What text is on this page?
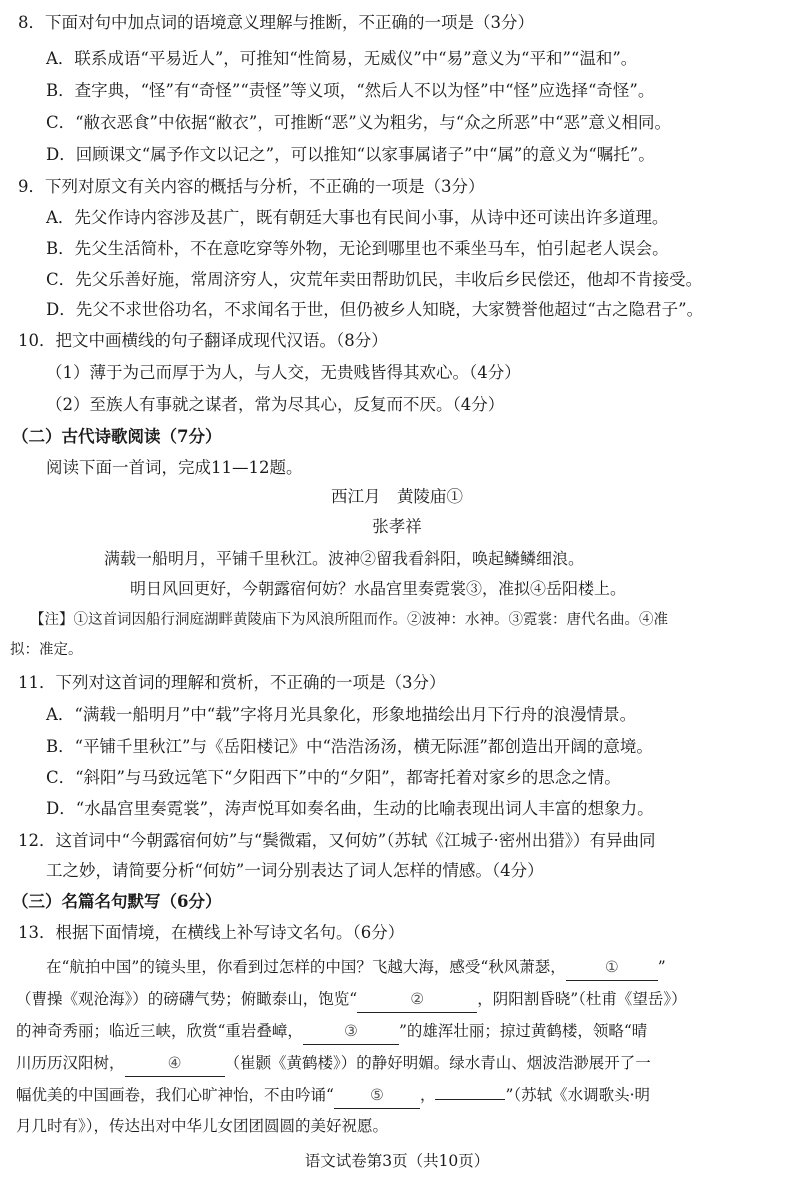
8．下面对句中加点词的语境意义理解与推断，不正确的一项是（3分）
A．联系成语“平易近人”，可推知“性简易，无威仪”中“易”意义为“平和”“温和”。
B．查字典，“怪”有“奇怪”“责怪”等义项，“然后人不以为怪”中“怪”应选择“奇怪”。
C．“敝衣恶食”中依据“敝衣”，可推断“恶”义为粗劣，与“众之所恶”中“恶”意义相同。
D．回顾课文“属予作文以记之”，可以推知“以家事属诸子”中“属”的意义为“嘱托”。
9．下列对原文有关内容的概括与分析，不正确的一项是（3分）
A．先父作诗内容涉及甚广，既有朝廷大事也有民间小事，从诗中还可读出许多道理。
B．先父生活简朴，不在意吃穿等外物，无论到哪里也不乘坐马车，怕引起老人误会。
C．先父乐善好施，常周济穷人，灾荒年卖田帮助饥民，丰收后乡民偿还，他却不肯接受。
D．先父不求世俗功名，不求闻名于世，但仍被乡人知晓，大家赞誉他超过“古之隐君子”。
10．把文中画横线的句子翻译成现代汉语。（8分）
（1）薄于为己而厚于为人，与人交，无贵贱皆得其欢心。（4分）
（2）至族人有事就之谋者，常为尽其心，反复而不厌。（4分）
（二）古代诗歌阅读（7分）
阅读下面一首词，完成11—12题。
西江月　黄陵庙①
张孝祥
满载一船明月，平铺千里秋江。波神②留我看斜阳，唤起鳞鳞细浪。
明日风回更好，今朝露宿何妨？水晶宫里奏霓裳③，准拟④岳阳楼上。
【注】①这首词因船行洞庭湖畔黄陵庙下为风浪所阻而作。②波神：水神。③霓裳：唐代名曲。④准
拟：准定。
11．下列对这首词的理解和赏析，不正确的一项是（3分）
A．“满载一船明月”中“载”字将月光具象化，形象地描绘出月下行舟的浪漫情景。
B．“平铺千里秋江”与《岳阳楼记》中“浩浩汤汤，横无际涯”都创造出开阔的意境。
C．“斜阳”与马致远笔下“夕阳西下”中的“夕阳”，都寄托着对家乡的思念之情。
D．“水晶宫里奏霓裳”，涛声悦耳如奏名曲，生动的比喻表现出词人丰富的想象力。
12．这首词中“今朝露宿何妨”与“鬓微霜，又何妨”（苏轼《江城子·密州出猎》）有异曲同
工之妙，请简要分析“何妨”一词分别表达了词人怎样的情感。（4分）
（三）名篇名句默写（6分）
13．根据下面情境，在横线上补写诗文名句。（6分）
在“航拍中国”的镜头里，你看到过怎样的中国？飞越大海，感受“秋风萧瑟，	①	”
（曹操《观沧海》）的磅礴气势；俯瞰泰山，饱览“	②	，阴阳割昏晓”（杜甫《望岳》）
的神奇秀丽；临近三峡，欣赏“重岩叠嶂，	③	”的雄浑壮丽；掠过黄鹤楼，领略“晴
川历历汉阳树，	④	（崔颢《黄鹤楼》）的静好明媚。绿水青山、烟波浩渺展开了一
幅优美的中国画卷，我们心旷神怡，不由吟诵“ ⑤ ，	”（苏轼《水调歌头·明
月几时有》），传达出对中华儿女团团圆圆的美好祝愿。
语文试卷第3页（共10页）
